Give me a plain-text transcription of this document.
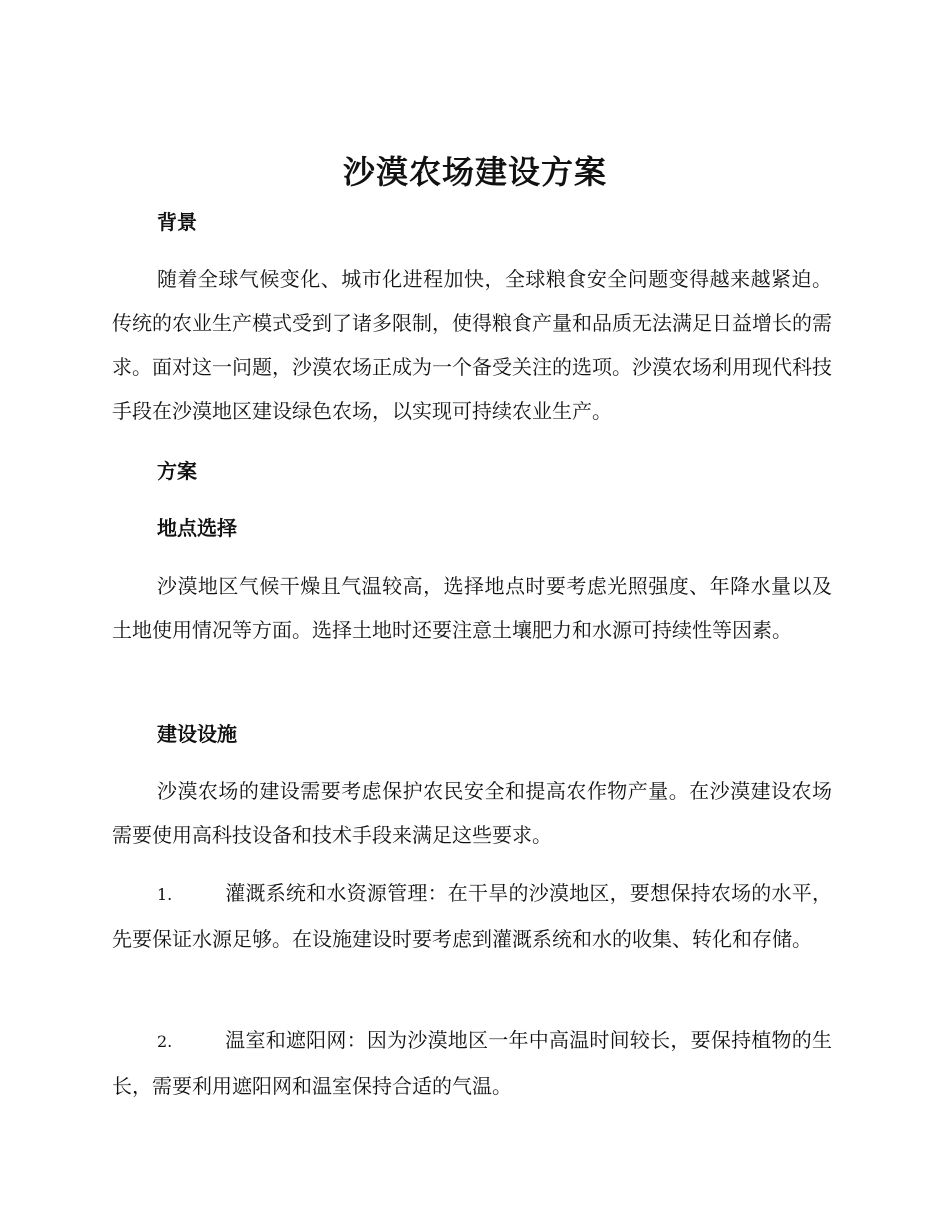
沙漠农场建设方案
背景

随着全球气候变化、城市化进程加快，全球粮食安全问题变得越来越紧迫。传统的农业生产模式受到了诸多限制，使得粮食产量和品质无法满足日益增长的需求。面对这一问题，沙漠农场正成为一个备受关注的选项。沙漠农场利用现代科技手段在沙漠地区建设绿色农场，以实现可持续农业生产。

方案
地点选择

沙漠地区气候干燥且气温较高，选择地点时要考虑光照强度、年降水量以及土地使用情况等方面。选择土地时还要注意土壤肥力和水源可持续性等因素。

建设设施

沙漠农场的建设需要考虑保护农民安全和提高农作物产量。在沙漠建设农场需要使用高科技设备和技术手段来满足这些要求。

1.	灌溉系统和水资源管理：在干旱的沙漠地区，要想保持农场的水平，先要保证水源足够。在设施建设时要考虑到灌溉系统和水的收集、转化和存储。

2.	温室和遮阳网：因为沙漠地区一年中高温时间较长，要保持植物的生长，需要利用遮阳网和温室保持合适的气温。
